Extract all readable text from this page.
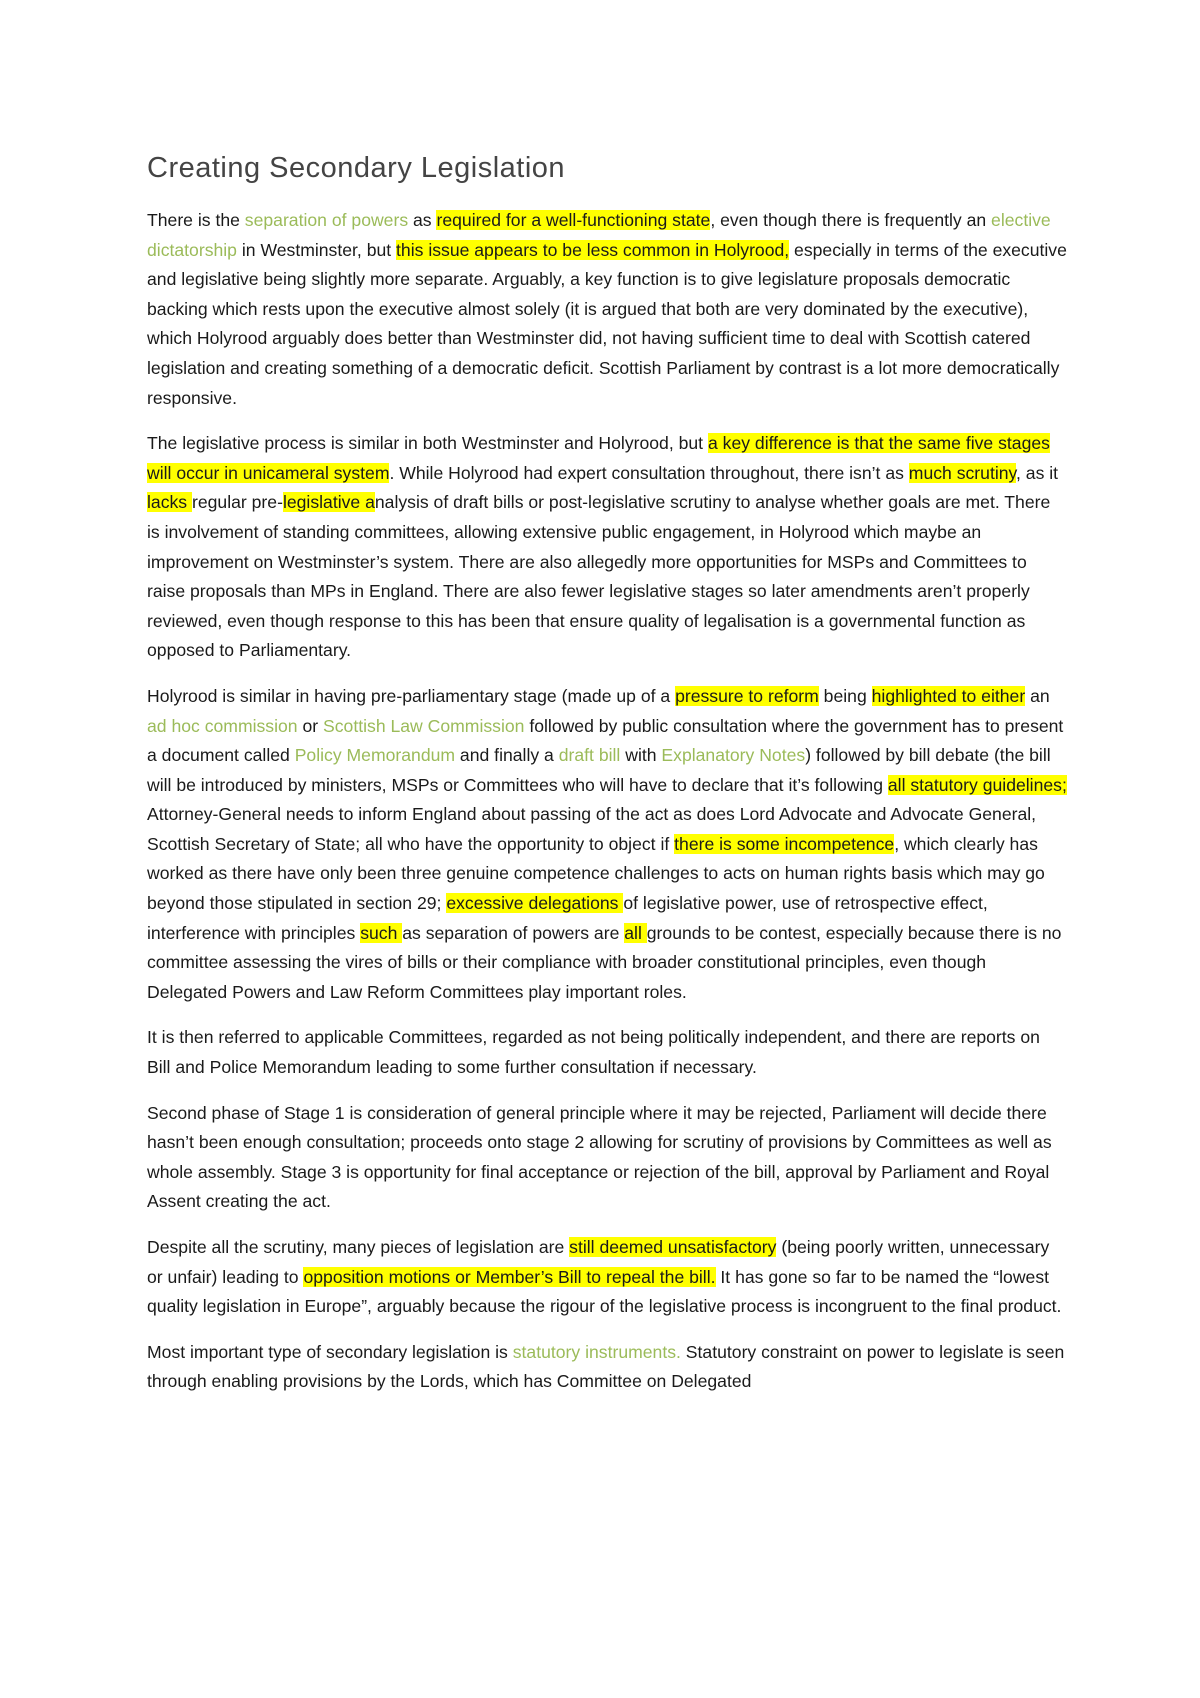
Creating Secondary Legislation

There is the separation of powers as required for a well-functioning state, even though there is frequently an elective dictatorship in Westminster, but this issue appears to be less common in Holyrood, especially in terms of the executive and legislative being slightly more separate. Arguably, a key function is to give legislature proposals democratic backing which rests upon the executive almost solely (it is argued that both are very dominated by the executive), which Holyrood arguably does better than Westminster did, not having sufficient time to deal with Scottish catered legislation and creating something of a democratic deficit. Scottish Parliament by contrast is a lot more democratically responsive.

The legislative process is similar in both Westminster and Holyrood, but a key difference is that the same five stages will occur in unicameral system. While Holyrood had expert consultation throughout, there isn’t as much scrutiny, as it lacks regular pre-legislative analysis of draft bills or post-legislative scrutiny to analyse whether goals are met. There is involvement of standing committees, allowing extensive public engagement, in Holyrood which maybe an improvement on Westminster’s system. There are also allegedly more opportunities for MSPs and Committees to raise proposals than MPs in England. There are also fewer legislative stages so later amendments aren’t properly reviewed, even though response to this has been that ensure quality of legalisation is a governmental function as opposed to Parliamentary.

Holyrood is similar in having pre-parliamentary stage (made up of a pressure to reform being highlighted to either an ad hoc commission or Scottish Law Commission followed by public consultation where the government has to present a document called Policy Memorandum and finally a draft bill with Explanatory Notes) followed by bill debate (the bill will be introduced by ministers, MSPs or Committees who will have to declare that it’s following all statutory guidelines; Attorney-General needs to inform England about passing of the act as does Lord Advocate and Advocate General, Scottish Secretary of State; all who have the opportunity to object if there is some incompetence, which clearly has worked as there have only been three genuine competence challenges to acts on human rights basis which may go beyond those stipulated in section 29; excessive delegations of legislative power, use of retrospective effect, interference with principles such as separation of powers are all grounds to be contest, especially because there is no committee assessing the vires of bills or their compliance with broader constitutional principles, even though Delegated Powers and Law Reform Committees play important roles.

It is then referred to applicable Committees, regarded as not being politically independent, and there are reports on Bill and Police Memorandum leading to some further consultation if necessary.

Second phase of Stage 1 is consideration of general principle where it may be rejected, Parliament will decide there hasn’t been enough consultation; proceeds onto stage 2 allowing for scrutiny of provisions by Committees as well as whole assembly. Stage 3 is opportunity for final acceptance or rejection of the bill, approval by Parliament and Royal Assent creating the act.

Despite all the scrutiny, many pieces of legislation are still deemed unsatisfactory (being poorly written, unnecessary or unfair) leading to opposition motions or Member’s Bill to repeal the bill. It has gone so far to be named the “lowest quality legislation in Europe”, arguably because the rigour of the legislative process is incongruent to the final product.

Most important type of secondary legislation is statutory instruments. Statutory constraint on power to legislate is seen through enabling provisions by the Lords, which has Committee on Delegated
